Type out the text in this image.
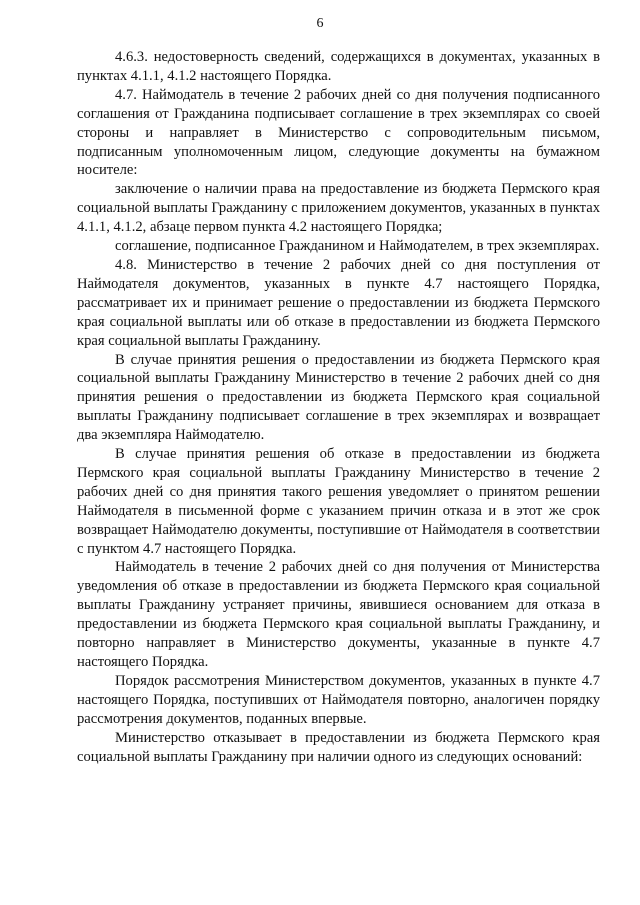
6

4.6.3. недостоверность сведений, содержащихся в документах, указанных в пунктах 4.1.1, 4.1.2 настоящего Порядка.

4.7. Наймодатель в течение 2 рабочих дней со дня получения подписанного соглашения от Гражданина подписывает соглашение в трех экземплярах со своей стороны и направляет в Министерство с сопроводительным письмом, подписанным уполномоченным лицом, следующие документы на бумажном носителе:

заключение о наличии права на предоставление из бюджета Пермского края социальной выплаты Гражданину с приложением документов, указанных в пунктах 4.1.1, 4.1.2, абзаце первом пункта 4.2 настоящего Порядка;

соглашение, подписанное Гражданином и Наймодателем, в трех экземплярах.

4.8. Министерство в течение 2 рабочих дней со дня поступления от Наймодателя документов, указанных в пункте 4.7 настоящего Порядка, рассматривает их и принимает решение о предоставлении из бюджета Пермского края социальной выплаты или об отказе в предоставлении из бюджета Пермского края социальной выплаты Гражданину.

В случае принятия решения о предоставлении из бюджета Пермского края социальной выплаты Гражданину Министерство в течение 2 рабочих дней со дня принятия решения о предоставлении из бюджета Пермского края социальной выплаты Гражданину подписывает соглашение в трех экземплярах и возвращает два экземпляра Наймодателю.

В случае принятия решения об отказе в предоставлении из бюджета Пермского края социальной выплаты Гражданину Министерство в течение 2 рабочих дней со дня принятия такого решения уведомляет о принятом решении Наймодателя в письменной форме с указанием причин отказа и в этот же срок возвращает Наймодателю документы, поступившие от Наймодателя в соответствии с пунктом 4.7 настоящего Порядка.

Наймодатель в течение 2 рабочих дней со дня получения от Министерства уведомления об отказе в предоставлении из бюджета Пермского края социальной выплаты Гражданину устраняет причины, явившиеся основанием для отказа в предоставлении из бюджета Пермского края социальной выплаты Гражданину, и повторно направляет в Министерство документы, указанные в пункте 4.7 настоящего Порядка.

Порядок рассмотрения Министерством документов, указанных в пункте 4.7 настоящего Порядка, поступивших от Наймодателя повторно, аналогичен порядку рассмотрения документов, поданных впервые.

Министерство отказывает в предоставлении из бюджета Пермского края социальной выплаты Гражданину при наличии одного из следующих оснований:
